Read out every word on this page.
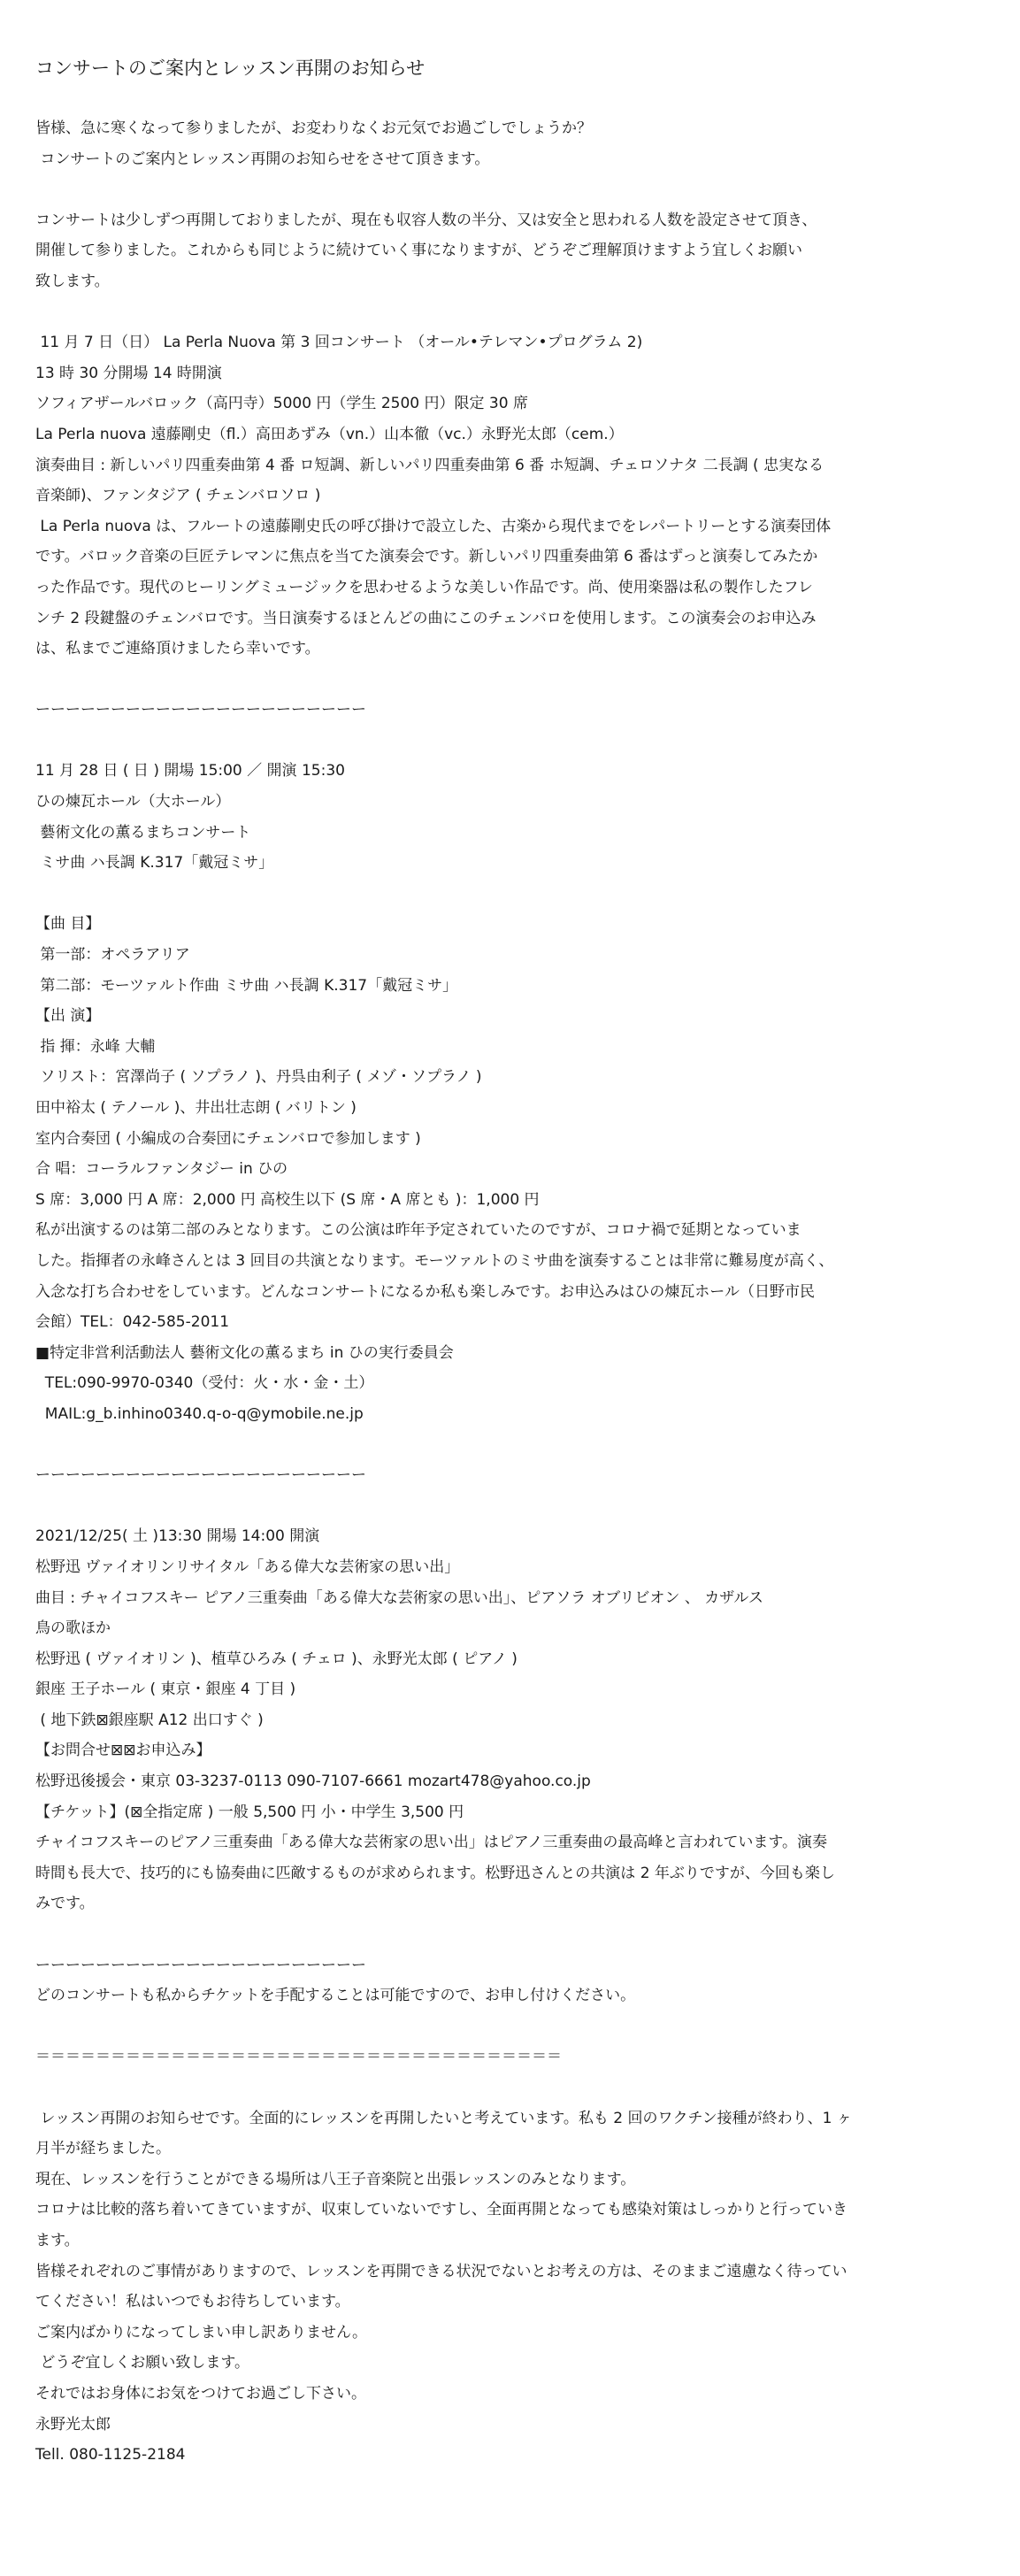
コンサートのご案内とレッスン再開のお知らせ
皆様、急に寒くなって参りましたが、お変わりなくお元気でお過ごしでしょうか？
コンサートのご案内とレッスン再開のお知らせをさせて頂きます。
コンサートは少しずつ再開しておりましたが、現在も収容人数の半分、又は安全と思われる人数を設定させて頂き、
開催して参りました。これからも同じように続けていく事になりますが、どうぞご理解頂けますよう宜しくお願い
致します。
11 月 7 日（日） La Perla Nuova 第 3 回コンサート （オール•テレマン•プログラム 2)
13 時 30 分開場 14 時開演
ソフィアザールバロック（高円寺）5000 円（学生 2500 円）限定 30 席
La Perla nuova 遠藤剛史（fl.）高田あずみ（vn.）山本徹（vc.）永野光太郎（cem.）
演奏曲目 : 新しいパリ四重奏曲第 4 番 ロ短調、新しいパリ四重奏曲第 6 番 ホ短調、チェロソナタ 二長調 ( 忠実なる
音楽師)、ファンタジア ( チェンバロソロ )
La Perla nuova は、フルートの遠藤剛史氏の呼び掛けで設立した、古楽から現代までをレパートリーとする演奏団体
です。バロック音楽の巨匠テレマンに焦点を当てた演奏会です。新しいパリ四重奏曲第 6 番はずっと演奏してみたか
った作品です。現代のヒーリングミュージックを思わせるような美しい作品です。尚、使用楽器は私の製作したフレ
ンチ 2 段鍵盤のチェンバロです。当日演奏するほとんどの曲にこのチェンバロを使用します。この演奏会のお申込み
は、私までご連絡頂けましたら幸いです。
ーーーーーーーーーーーーーーーーーーーーーー
11 月 28 日 ( 日 ) 開場 15:00 ／ 開演 15:30
ひの煉瓦ホール（大ホール）
藝術文化の薫るまちコンサート
ミサ曲 ハ長調 K.317「戴冠ミサ」
【曲 目】
第一部：オペラアリア
第二部：モーツァルト作曲 ミサ曲 ハ長調 K.317「戴冠ミサ」
【出 演】
指 揮：永峰 大輔
ソリスト：宮澤尚子 ( ソプラノ )、丹呉由利子 ( メゾ・ソプラノ )
田中裕太 ( テノール )、井出壮志朗 ( バリトン )
室内合奏団 ( 小編成の合奏団にチェンバロで参加します )
合 唱：コーラルファンタジー in ひの
S 席：3,000 円 A 席：2,000 円 高校生以下 (S 席・A 席とも )：1,000 円
私が出演するのは第二部のみとなります。この公演は昨年予定されていたのですが、コロナ禍で延期となっていま
した。指揮者の永峰さんとは 3 回目の共演となります。モーツァルトのミサ曲を演奏することは非常に難易度が高く、
入念な打ち合わせをしています。どんなコンサートになるか私も楽しみです。お申込みはひの煉瓦ホール（日野市民
会館）TEL：042-585-2011
■特定非営利活動法人 藝術文化の薫るまち in ひの実行委員会
TEL:090-9970-0340（受付：火・水・金・土）
MAIL:g_b.inhino0340.q-o-q@ymobile.ne.jp
ーーーーーーーーーーーーーーーーーーーーーー
2021/12/25( 土 )13:30 開場 14:00 開演
松野迅 ヴァイオリンリサイタル「ある偉大な芸術家の思い出」
曲目 : チャイコフスキー ピアノ三重奏曲「ある偉大な芸術家の思い出」、ピアソラ オブリビオン 、 カザルス
鳥の歌ほか
松野迅 ( ヴァイオリン )、植草ひろみ ( チェロ )、永野光太郎 ( ピアノ )
銀座 王子ホール ( 東京・銀座 4 丁目 )
( 地下鉄⊠銀座駅 A12 出口すぐ )
【お問合せ⊠⊠お申込み】
松野迅後援会・東京 03-3237-0113 090-7107-6661 mozart478@yahoo.co.jp
【チケット】(⊠全指定席 ) 一般 5,500 円 小・中学生 3,500 円
チャイコフスキーのピアノ三重奏曲「ある偉大な芸術家の思い出」はピアノ三重奏曲の最高峰と言われています。演奏
時間も長大で、技巧的にも協奏曲に匹敵するものが求められます。松野迅さんとの共演は 2 年ぶりですが、今回も楽し
みです。
ーーーーーーーーーーーーーーーーーーーーーー
どのコンサートも私からチケットを手配することは可能ですので、お申し付けください。
＝＝＝＝＝＝＝＝＝＝＝＝＝＝＝＝＝＝＝＝＝＝＝＝＝＝＝＝＝＝＝＝＝＝＝
レッスン再開のお知らせです。全面的にレッスンを再開したいと考えています。私も 2 回のワクチン接種が終わり、1 ヶ
月半が経ちました。
現在、レッスンを行うことができる場所は八王子音楽院と出張レッスンのみとなります。
コロナは比較的落ち着いてきていますが、収束していないですし、全面再開となっても感染対策はしっかりと行っていき
ます。
皆様それぞれのご事情がありますので、レッスンを再開できる状況でないとお考えの方は、そのままご遠慮なく待ってい
てください！私はいつでもお待ちしています。
ご案内ばかりになってしまい申し訳ありません。
どうぞ宜しくお願い致します。
それではお身体にお気をつけてお過ごし下さい。
永野光太郎
Tell. 080-1125-2184
